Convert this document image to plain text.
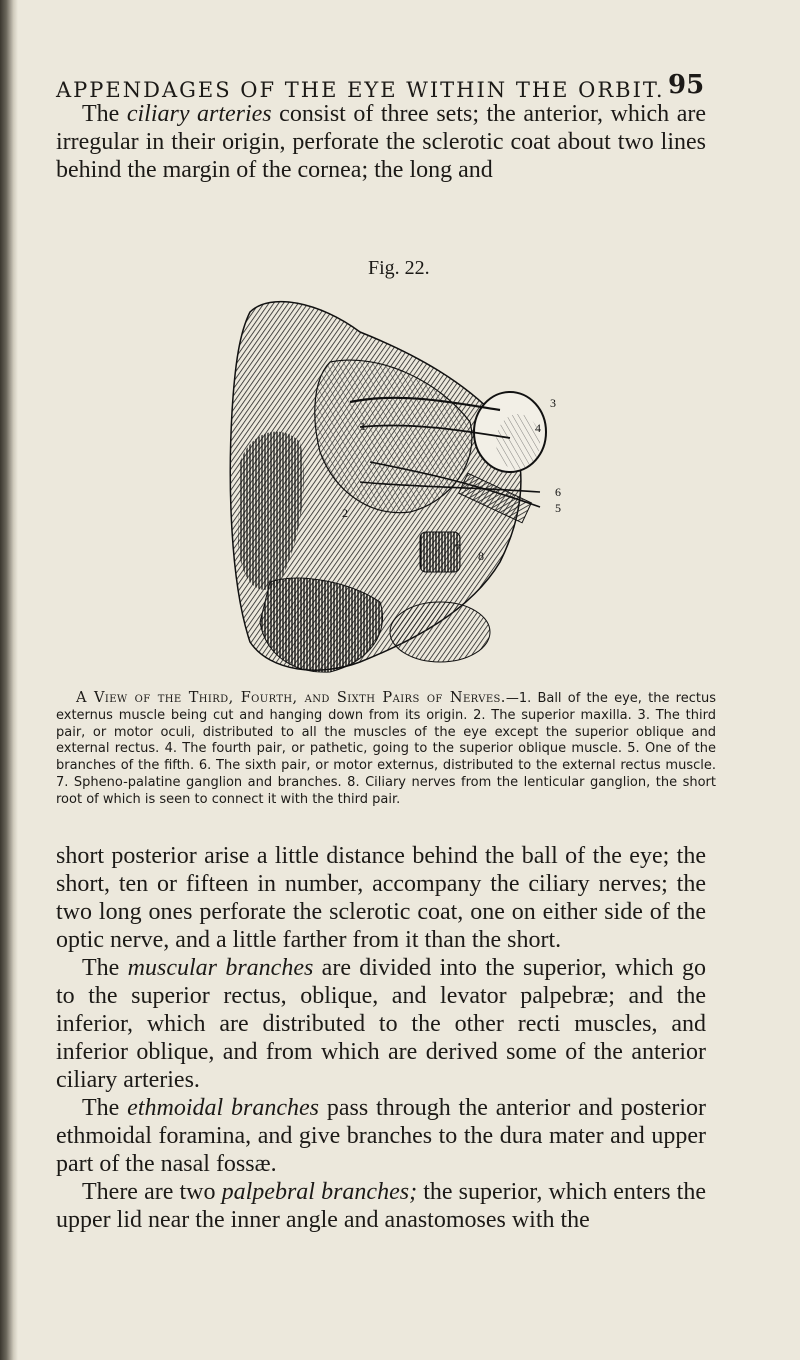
APPENDAGES OF THE EYE WITHIN THE ORBIT. 95

The ciliary arteries consist of three sets; the anterior, which are irregular in their origin, perforate the sclerotic coat about two lines behind the margin of the cornea; the long and

Fig. 22.
1
2
3
4
5
6
7
8

A View of the Third, Fourth, and Sixth Pairs of Nerves.—1. Ball of the eye, the rectus externus muscle being cut and hanging down from its origin. 2. The superior maxilla. 3. The third pair, or motor oculi, distributed to all the muscles of the eye except the superior oblique and external rectus. 4. The fourth pair, or pathetic, going to the superior oblique muscle. 5. One of the branches of the fifth. 6. The sixth pair, or motor externus, distributed to the external rectus muscle. 7. Spheno-palatine ganglion and branches. 8. Ciliary nerves from the lenticular ganglion, the short root of which is seen to connect it with the third pair.

short posterior arise a little distance behind the ball of the eye; the short, ten or fifteen in number, accompany the ciliary nerves; the two long ones perforate the sclerotic coat, one on either side of the optic nerve, and a little farther from it than the short.

The muscular branches are divided into the superior, which go to the superior rectus, oblique, and levator palpebræ; and the inferior, which are distributed to the other recti muscles, and inferior oblique, and from which are derived some of the anterior ciliary arteries.

The ethmoidal branches pass through the anterior and posterior ethmoidal foramina, and give branches to the dura mater and upper part of the nasal fossæ.

There are two palpebral branches; the superior, which enters the upper lid near the inner angle and anastomoses with the
